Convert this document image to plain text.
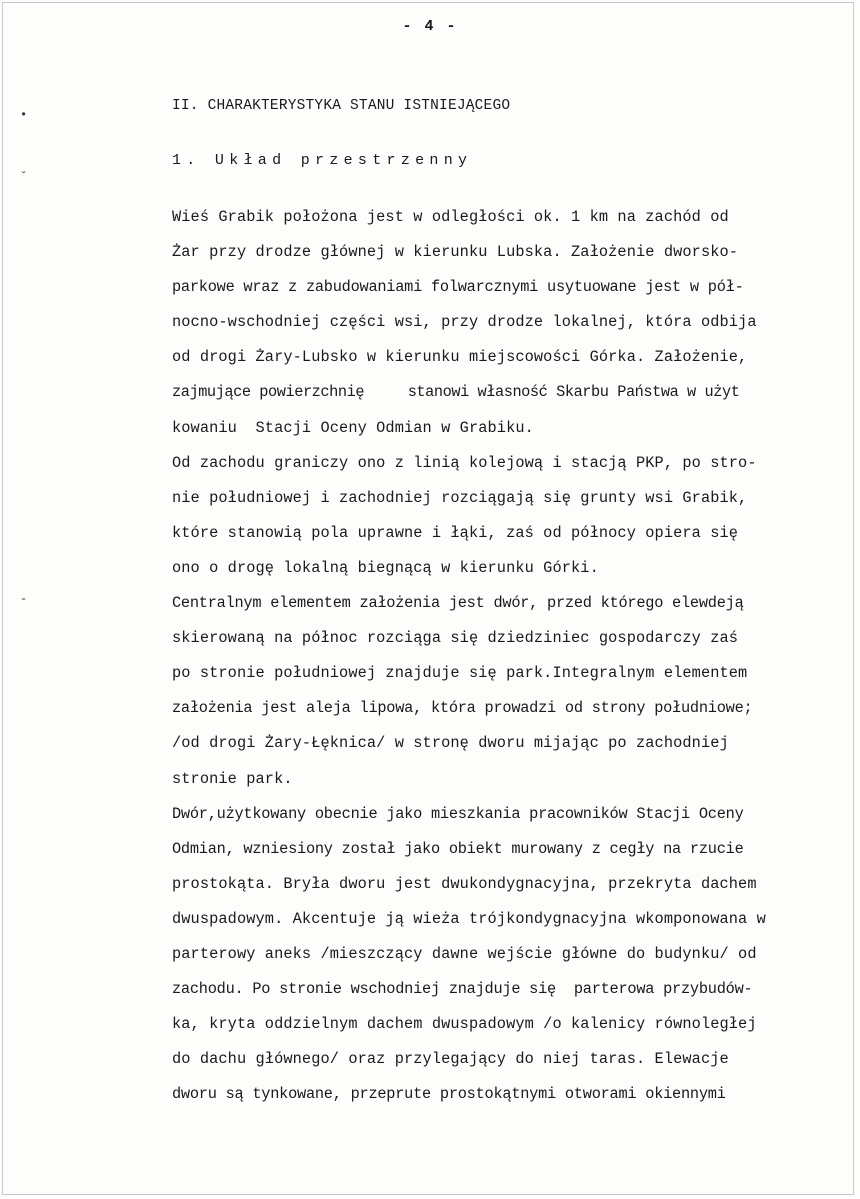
•
ˇ
-
- 4 -
II. CHARAKTERYSTYKA STANU ISTNIEJĄCEGO
1. Układ przestrzenny
Wieś Grabik położona jest w odległości ok. 1 km na zachód od
Żar przy drodze głównej w kierunku Lubska. Założenie dworsko-
parkowe wraz z zabudowaniami folwarcznymi usytuowane jest w pół-
nocno-wschodniej części wsi, przy drodze lokalnej, która odbija
od drogi Żary-Lubsko w kierunku miejscowości Górka. Założenie,
zajmujące powierzchnię     stanowi własność Skarbu Państwa w użyt
kowaniu  Stacji Oceny Odmian w Grabiku.
Od zachodu graniczy ono z linią kolejową i stacją PKP, po stro-
nie południowej i zachodniej rozciągają się grunty wsi Grabik,
które stanowią pola uprawne i łąki, zaś od północy opiera się
ono o drogę lokalną biegnącą w kierunku Górki.
Centralnym elementem założenia jest dwór, przed którego elewdeją
skierowaną na północ rozciąga się dziedziniec gospodarczy zaś
po stronie południowej znajduje się park.Integralnym elementem
założenia jest aleja lipowa, która prowadzi od strony południowe;
/od drogi Żary-Łęknica/ w stronę dworu mijając po zachodniej
stronie park.
Dwór,użytkowany obecnie jako mieszkania pracowników Stacji Oceny
Odmian, wzniesiony został jako obiekt murowany z cegły na rzucie
prostokąta. Bryła dworu jest dwukondygnacyjna, przekryta dachem
dwuspadowym. Akcentuje ją wieża trójkondygnacyjna wkomponowana w
parterowy aneks /mieszczący dawne wejście główne do budynku/ od
zachodu. Po stronie wschodniej znajduje się  parterowa przybudów-
ka, kryta oddzielnym dachem dwuspadowym /o kalenicy równoległej
do dachu głównego/ oraz przylegający do niej taras. Elewacje
dworu są tynkowane, przeprute prostokątnymi otworami okiennymi
